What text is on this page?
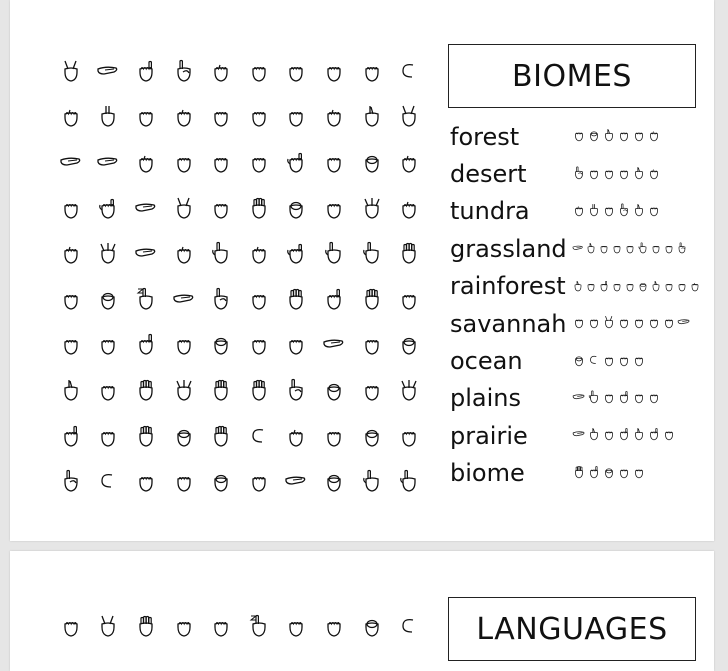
BIOMES
forest
desert
tundra
grassland
rainforest
savannah
ocean
plains
prairie
biome
LANGUAGES
